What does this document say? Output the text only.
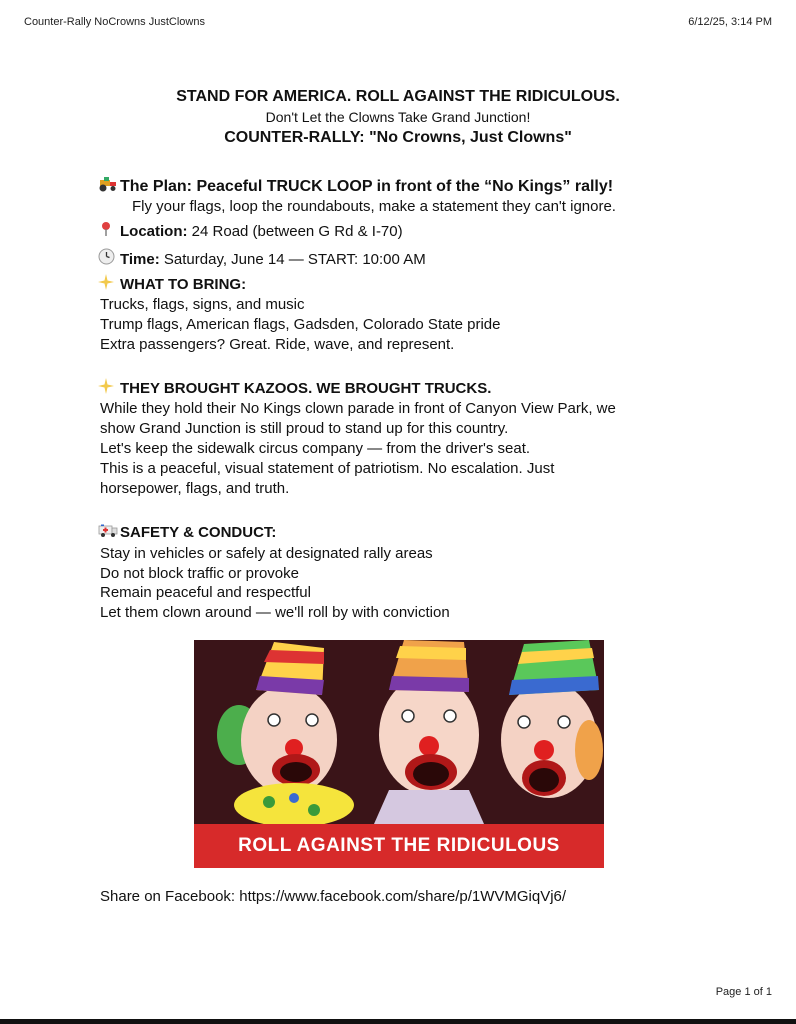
Counter-Rally NoCrowns JustClowns	6/12/25, 3:14 PM
STAND FOR AMERICA. ROLL AGAINST THE RIDICULOUS.
Don't Let the Clowns Take Grand Junction!
COUNTER-RALLY: "No Crowns, Just Clowns"
The Plan: Peaceful TRUCK LOOP in front of the “No Kings” rally!
Fly your flags, loop the roundabouts, make a statement they can't ignore.
Location: 24 Road (between G Rd & I-70)
Time: Saturday, June 14 — START: 10:00 AM
WHAT TO BRING:
Trucks, flags, signs, and music
Trump flags, American flags, Gadsden, Colorado State pride
Extra passengers? Great. Ride, wave, and represent.
THEY BROUGHT KAZOOS. WE BROUGHT TRUCKS.
While they hold their No Kings clown parade in front of Canyon View Park, we
show Grand Junction is still proud to stand up for this country.
Let's keep the sidewalk circus company — from the driver's seat.
This is a peaceful, visual statement of patriotism. No escalation. Just
horsepower, flags, and truth.
SAFETY & CONDUCT:
Stay in vehicles or safely at designated rally areas
Do not block traffic or provoke
Remain peaceful and respectful
Let them clown around — we'll roll by with conviction
ROLL AGAINST THE RIDICULOUS
Share on Facebook: https://www.facebook.com/share/p/1WVMGiqVj6/
Page 1 of 1
